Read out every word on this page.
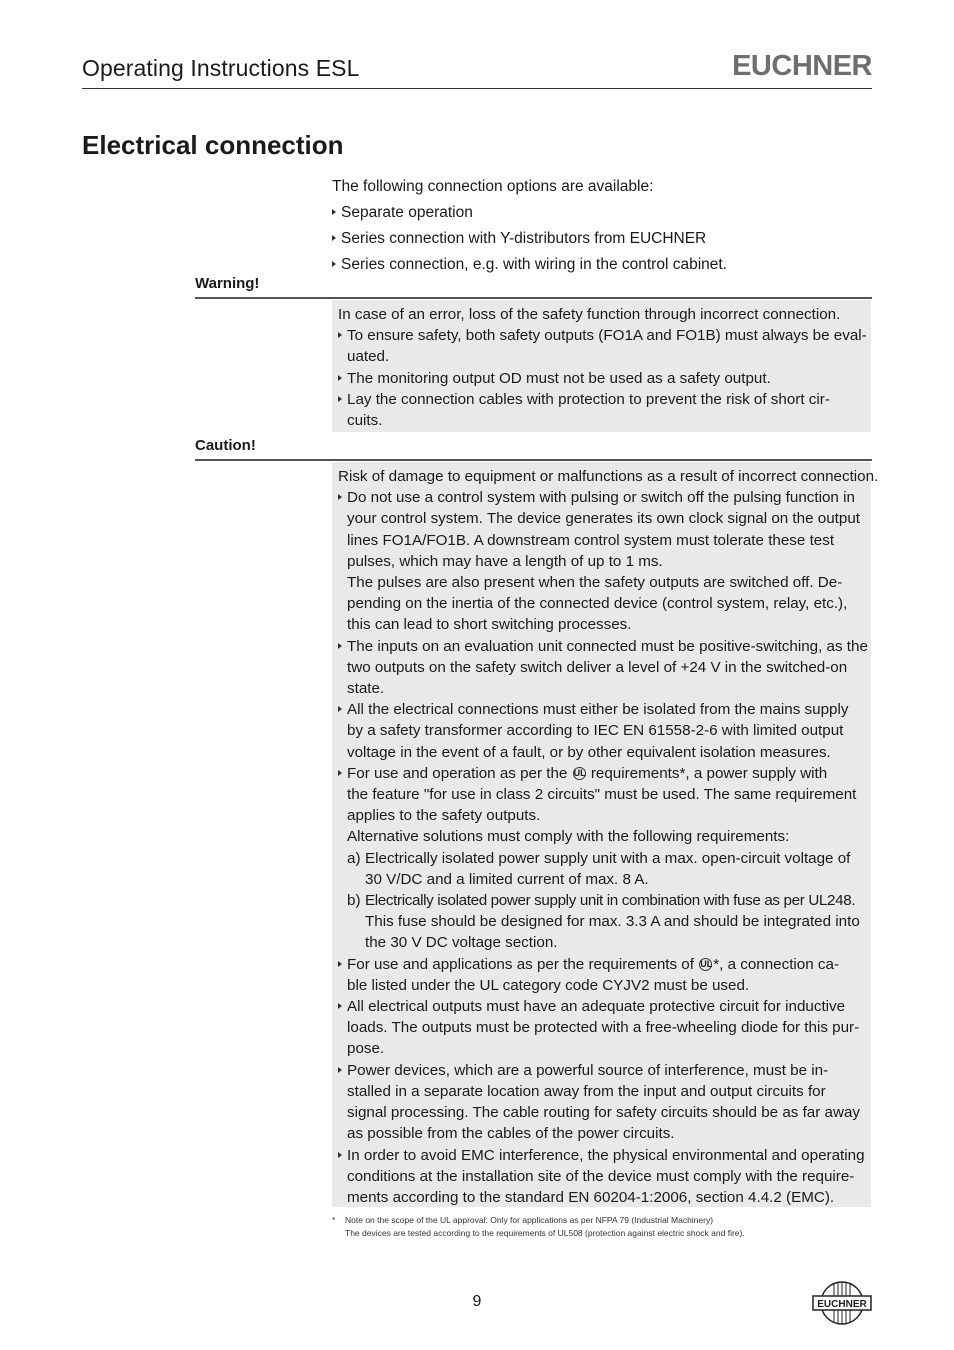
Operating Instructions ESL	EUCHNER
Electrical connection
The following connection options are available:
Separate operation
Series connection with Y-distributors from EUCHNER
Series connection, e.g. with wiring in the control cabinet.
Warning!
In case of an error, loss of the safety function through incorrect connection.
To ensure safety, both safety outputs (FO1A and FO1B) must always be eval-
uated.
The monitoring output OD must not be used as a safety output.
Lay the connection cables with protection to prevent the risk of short cir-
cuits.
Caution!
Risk of damage to equipment or malfunctions as a result of incorrect connection.
Do not use a control system with pulsing or switch off the pulsing function in
your control system. The device generates its own clock signal on the output
lines FO1A/FO1B. A downstream control system must tolerate these test
pulses, which may have a length of up to 1 ms.
The pulses are also present when the safety outputs are switched off. De-
pending on the inertia of the connected device (control system, relay, etc.),
this can lead to short switching processes.
The inputs on an evaluation unit connected must be positive-switching, as the
two outputs on the safety switch deliver a level of +24 V in the switched-on
state.
All the electrical connections must either be isolated from the mains supply
by a safety transformer according to IEC EN 61558-2-6 with limited output
voltage in the event of a fault, or by other equivalent isolation measures.
For use and operation as per the UL requirements*, a power supply with
the feature "for use in class 2 circuits" must be used. The same requirement
applies to the safety outputs.
Alternative solutions must comply with the following requirements:
a) Electrically isolated power supply unit with a max. open-circuit voltage of
30 V/DC and a limited current of max. 8 A.
b) Electrically isolated power supply unit in combination with fuse as per UL248.
This fuse should be designed for max. 3.3 A and should be integrated into
the 30 V DC voltage section.
For use and applications as per the requirements of UL*, a connection ca-
ble listed under the UL category code CYJV2 must be used.
All electrical outputs must have an adequate protective circuit for inductive
loads. The outputs must be protected with a free-wheeling diode for this pur-
pose.
Power devices, which are a powerful source of interference, must be in-
stalled in a separate location away from the input and output circuits for
signal processing. The cable routing for safety circuits should be as far away
as possible from the cables of the power circuits.
In order to avoid EMC interference, the physical environmental and operating
conditions at the installation site of the device must comply with the require-
ments according to the standard EN 60204-1:2006, section 4.4.2 (EMC).
*	Note on the scope of the UL approval: Only for applications as per NFPA 79 (Industrial Machinery)
The devices are tested according to the requirements of UL508 (protection against electric shock and fire).
9	EUCHNER
